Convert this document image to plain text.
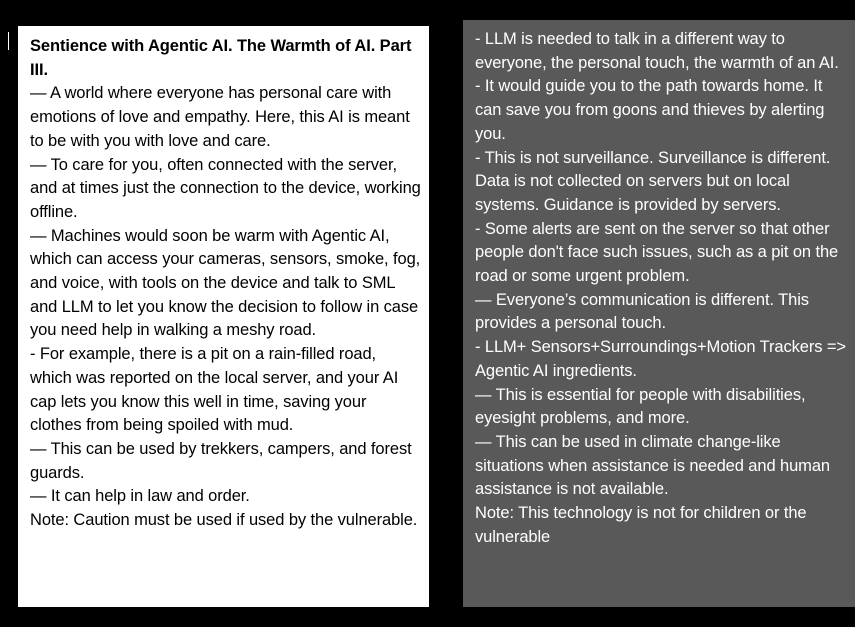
Sentience with Agentic AI. The Warmth of AI. Part III.

— A world where everyone has personal care with emotions of love and empathy. Here, this AI is meant to be with you with love and care.

— To care for you, often connected with the server, and at times just the connection to the device, working offline.

— Machines would soon be warm with Agentic AI, which can access your cameras, sensors, smoke, fog, and voice, with tools on the device and talk to SML and LLM to let you know the decision to follow in case you need help in walking a meshy road.

- For example, there is a pit on a rain-filled road, which was reported on the local server, and your AI cap lets you know this well in time, saving your clothes from being spoiled with mud.

— This can be used by trekkers, campers, and forest guards.

— It can help in law and order.

Note: Caution must be used if used by the vulnerable.

- LLM is needed to talk in a different way to everyone, the personal touch, the warmth of an AI.

- It would guide you to the path towards home. It can save you from goons and thieves by alerting you.

- This is not surveillance. Surveillance is different. Data is not collected on servers but on local systems. Guidance is provided by servers.

- Some alerts are sent on the server so that other people don't face such issues, such as a pit on the road or some urgent problem.

— Everyone’s communication is different. This provides a personal touch.

- LLM+ Sensors+Surroundings+Motion Trackers => Agentic AI ingredients.

— This is essential for people with disabilities, eyesight problems, and more.

— This can be used in climate change-like situations when assistance is needed and human assistance is not available.

Note: This technology is not for children or the vulnerable
